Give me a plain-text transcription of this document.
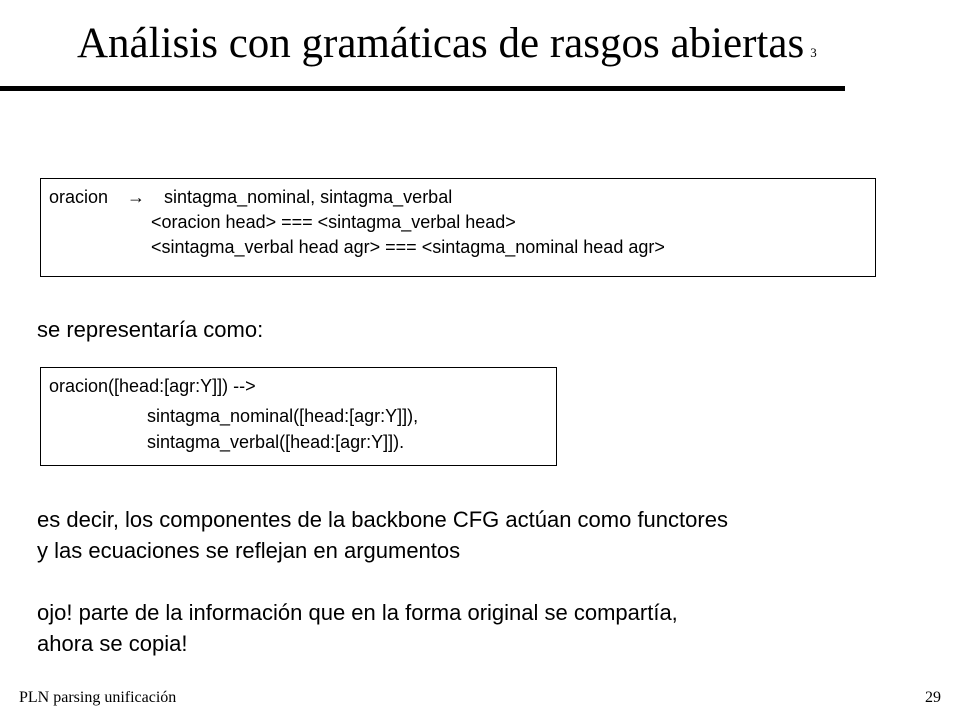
Análisis con gramáticas de rasgos abiertas 3

oracion → sintagma_nominal, sintagma_verbal

<oracion head> === <sintagma_verbal head>

<sintagma_verbal head agr> === <sintagma_nominal head agr>

se representaría como:

oracion([head:[agr:Y]]) -->

sintagma_nominal([head:[agr:Y]]),

sintagma_verbal([head:[agr:Y]]).

es decir, los componentes de la backbone CFG actúan como functores
y las ecuaciones se reflejan en argumentos
ojo! parte de la información que en la forma original se compartía,
ahora se copia!
PLN parsing unificación	29
